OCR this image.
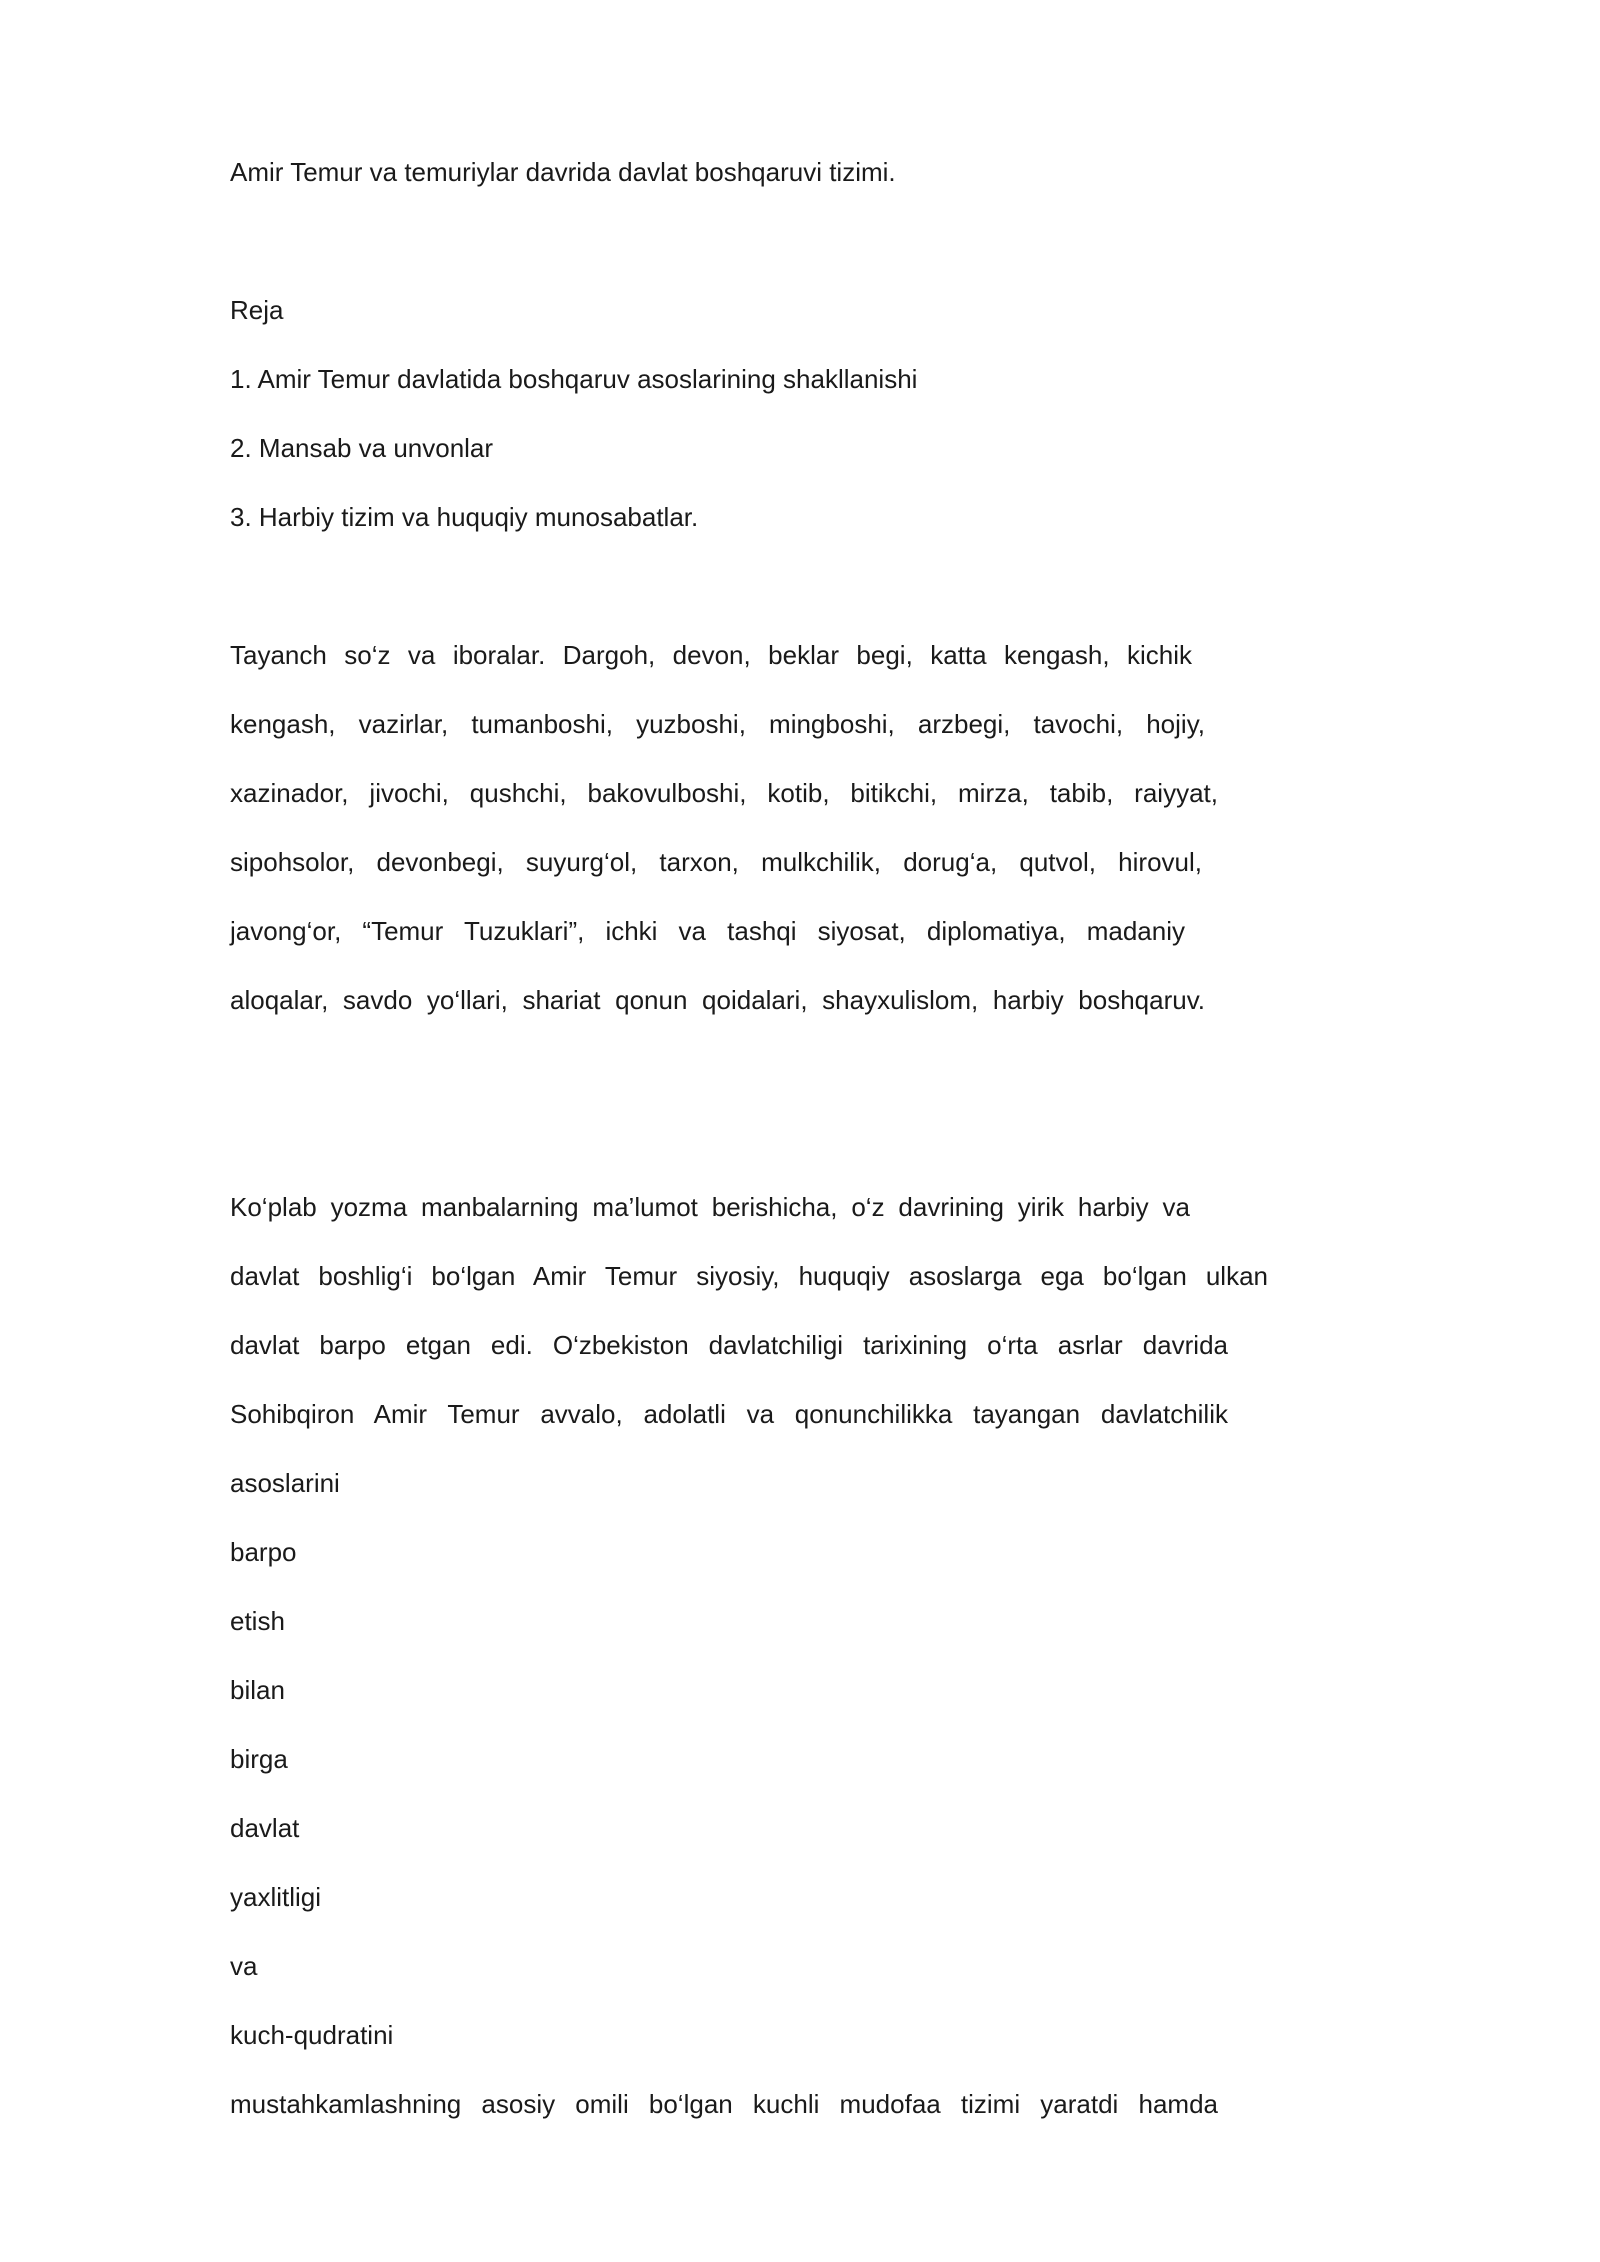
Amir Temur va temuriylar davrida davlat boshqaruvi tizimi.
Reja
1. Amir Temur davlatida boshqaruv asoslarining shakllanishi
2. Mansab va unvonlar
3. Harbiy tizim va huquqiy munosabatlar.
Tayanch so‘z va iboralar. Dargoh, devon, beklar begi, katta kengash, kichik
kengash, vazirlar, tumanboshi, yuzboshi, mingboshi, arzbegi, tavochi, hojiy,
xazinador, jivochi, qushchi, bakovulboshi, kotib, bitikchi, mirza, tabib, raiyyat,
sipohsolor, devonbegi, suyurg‘ol, tarxon, mulkchilik, dorug‘a, qutvol, hirovul,
javong‘or, “Temur Tuzuklari”, ichki va tashqi siyosat, diplomatiya, madaniy
aloqalar, savdo yo‘llari, shariat qonun qoidalari, shayxulislom, harbiy boshqaruv.
Ko‘plab yozma manbalarning ma’lumot berishicha, o‘z davrining yirik harbiy va
davlat boshlig‘i bo‘lgan Amir Temur siyosiy, huquqiy asoslarga ega bo‘lgan ulkan
davlat barpo etgan edi. O‘zbekiston davlatchiligi tarixining o‘rta asrlar davrida
Sohibqiron Amir Temur avvalo, adolatli va qonunchilikka tayangan davlatchilik
asoslarini
barpo
etish
bilan
birga
davlat
yaxlitligi
va
kuch-qudratini
mustahkamlashning asosiy omili bo‘lgan kuchli mudofaa tizimi yaratdi hamda
